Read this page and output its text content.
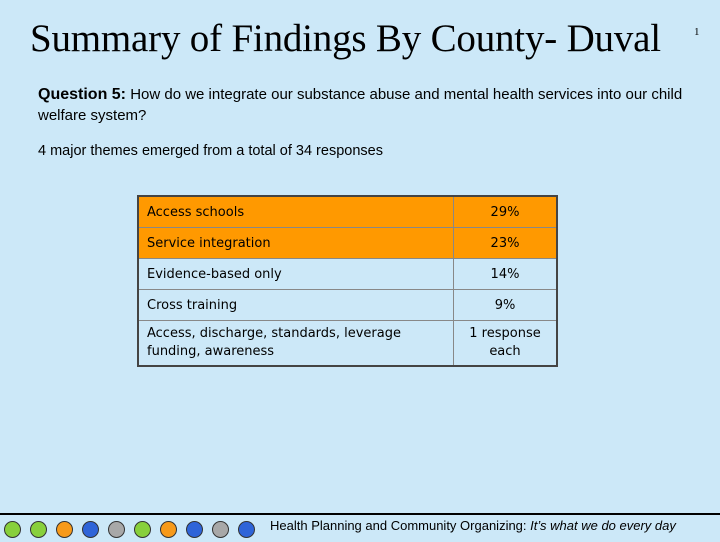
Summary of Findings By County- Duval	1
Question 5: How do we integrate our substance abuse and mental health services into our child welfare system?
4 major themes emerged from a total of 34 responses
Access schools	29%
Service integration	23%
Evidence-based only	14%
Cross training	9%
Access, discharge, standards, leverage funding, awareness	1 response each
Health Planning and Community Organizing: It’s what we do every day
